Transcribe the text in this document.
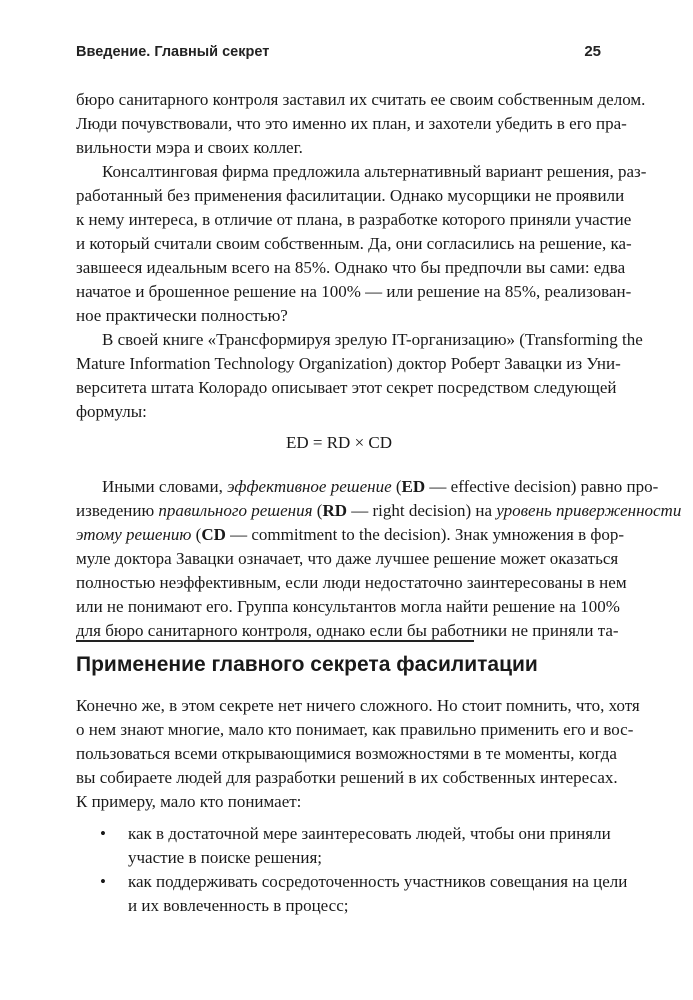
Введение. Главный секрет	25
бюро санитарного контроля заставил их считать ее своим собственным делом.
Люди почувствовали, что это именно их план, и захотели убедить в его пра-
вильности мэра и своих коллег.
Консалтинговая фирма предложила альтернативный вариант решения, раз-
работанный без применения фасилитации. Однако мусорщики не проявили
к нему интереса, в отличие от плана, в разработке которого приняли участие
и который считали своим собственным. Да, они согласились на решение, ка-
завшееся идеальным всего на 85%. Однако что бы предпочли вы сами: едва
начатое и брошенное решение на 100% — или решение на 85%, реализован-
ное практически полностью?
В своей книге «Трансформируя зрелую IT-организацию» (Transforming the
Mature Information Technology Organization) доктор Роберт Завацки из Уни-
верситета штата Колорадо описывает этот секрет посредством следующей
формулы:
ED = RD × CD
Иными словами, эффективное решение (ED — effective decision) равно про-
изведению правильного решения (RD — right decision) на уровень приверженности
этому решению (CD — commitment to the decision). Знак умножения в фор-
муле доктора Завацки означает, что даже лучшее решение может оказаться
полностью неэффективным, если люди недостаточно заинтересованы в нем
или не понимают его. Группа консультантов могла найти решение на 100%
Применение главного секрета фасилитации
Конечно же, в этом секрете нет ничего сложного. Но стоит помнить, что, хотя
о нем знают многие, мало кто понимает, как правильно применить его и вос-
пользоваться всеми открывающимися возможностями в те моменты, когда
вы собираете людей для разработки решений в их собственных интересах.
К примеру, мало кто понимает:
• как в достаточной мере заинтересовать людей, чтобы они приняли
участие в поиске решения;
• как поддерживать сосредоточенность участников совещания на цели
и их вовлеченность в процесс;
для бюро санитарного контроля, однако если бы работники не приняли та-
